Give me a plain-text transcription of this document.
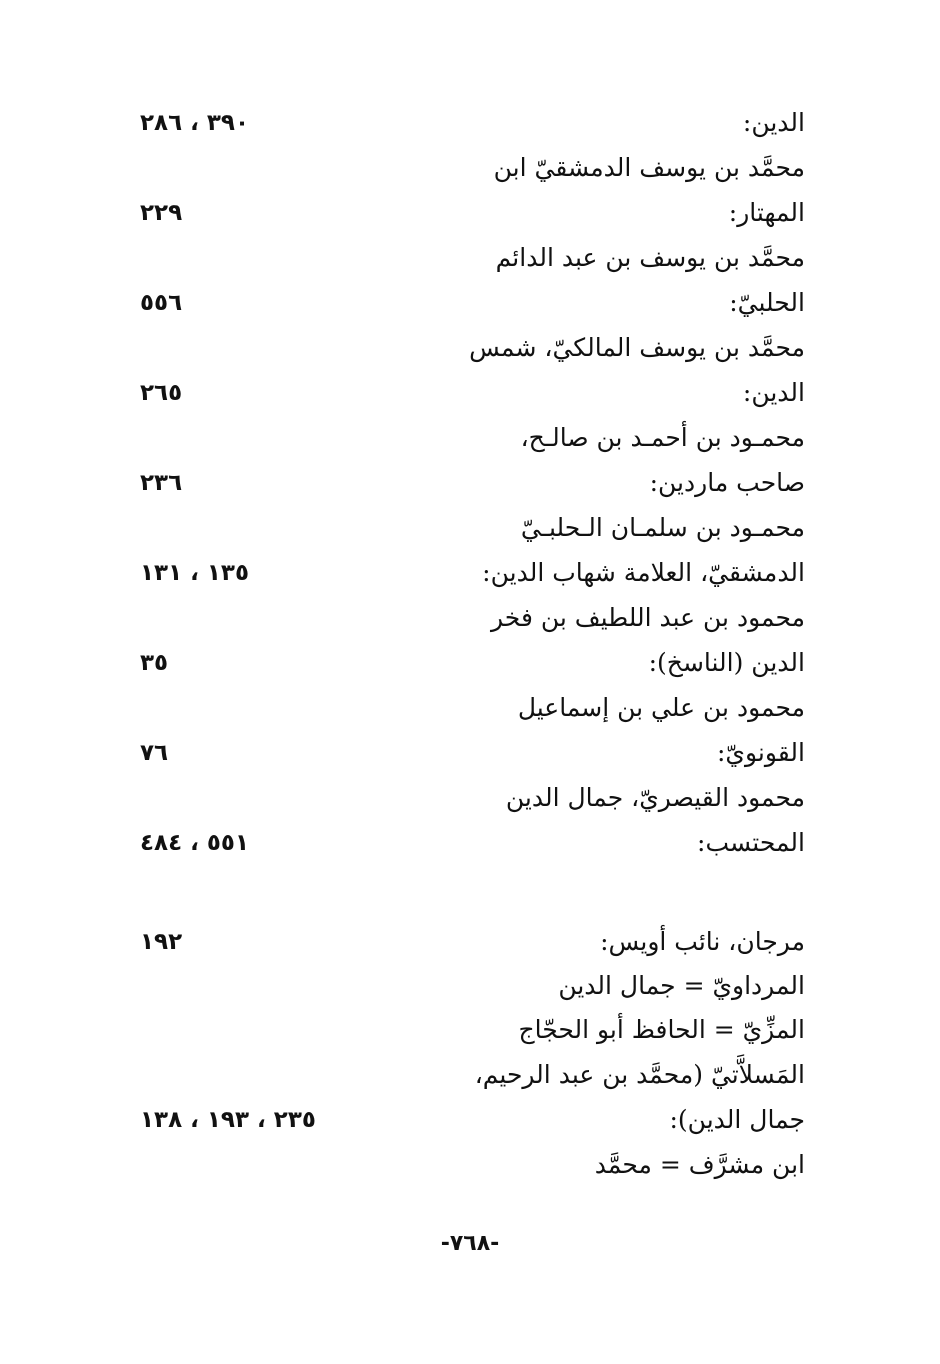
الدين:
٣٩٠ ، ٢٨٦
محمَّد بن يوسف الدمشقيّ ابن
المهتار:
٢٢٩
محمَّد بن يوسف بن عبد الدائم
الحلبيّ:
٥٥٦
محمَّد بن يوسف المالكيّ، شمس
الدين:
٢٦٥
محمـود بن أحمـد بن صالـح،
صاحب ماردين:
٢٣٦
محمـود بن سلمـان الـحلبـيّ
الدمشقيّ، العلامة شهاب الدين:
١٣٥ ، ١٣١
محمود بن عبد اللطيف بن فخر
الدين (الناسخ):
٣٥
محمود بن علي بن إسماعيل
القونويّ:
٧٦
محمود القيصريّ، جمال الدين
المحتسب:
٥٥١ ، ٤٨٤
مرجان، نائب أويس:
١٩٢
المرداويّ = جمال الدين
المزِّيّ = الحافظ أبو الحجّاج
المَسلاَّتيّ (محمَّد بن عبد الرحيم،
جمال الدين):
٢٣٥ ، ١٩٣ ، ١٣٨
ابن مشرَّف = محمَّد
-٧٦٨-
